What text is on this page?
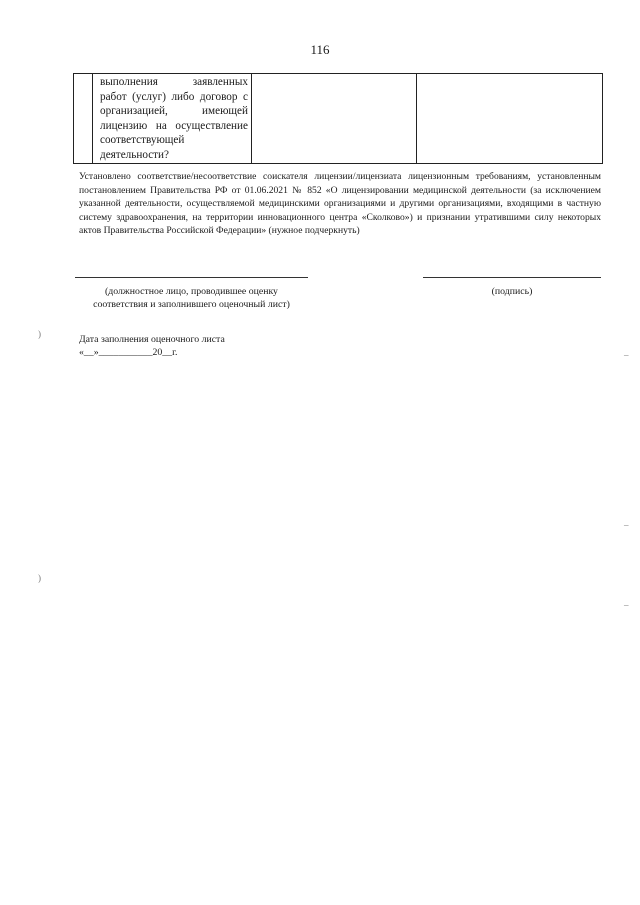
116

выполнения	заявленных
работ (услуг) либо договор с
организацией,	имеющей
лицензию на осуществление
соответствующей
деятельности?

Установлено соответствие/несоответствие соискателя лицензии/лицензиата лицензионным требованиям, установленным постановлением Правительства РФ от 01.06.2021 № 852 «О лицензировании медицинской деятельности (за исключением указанной деятельности, осуществляемой медицинскими организациями и другими организациями, входящими в частную систему здравоохранения, на территории инновационного центра «Сколково») и признании утратившими силу некоторых актов Правительства Российской Федерации» (нужное подчеркнуть)
(должностное лицо, проводившее оценку
соответствия и заполнившего оценочный лист)
(подпись)
Дата заполнения оценочного листа
«__»___________20__г.
)
)
–
–
–
